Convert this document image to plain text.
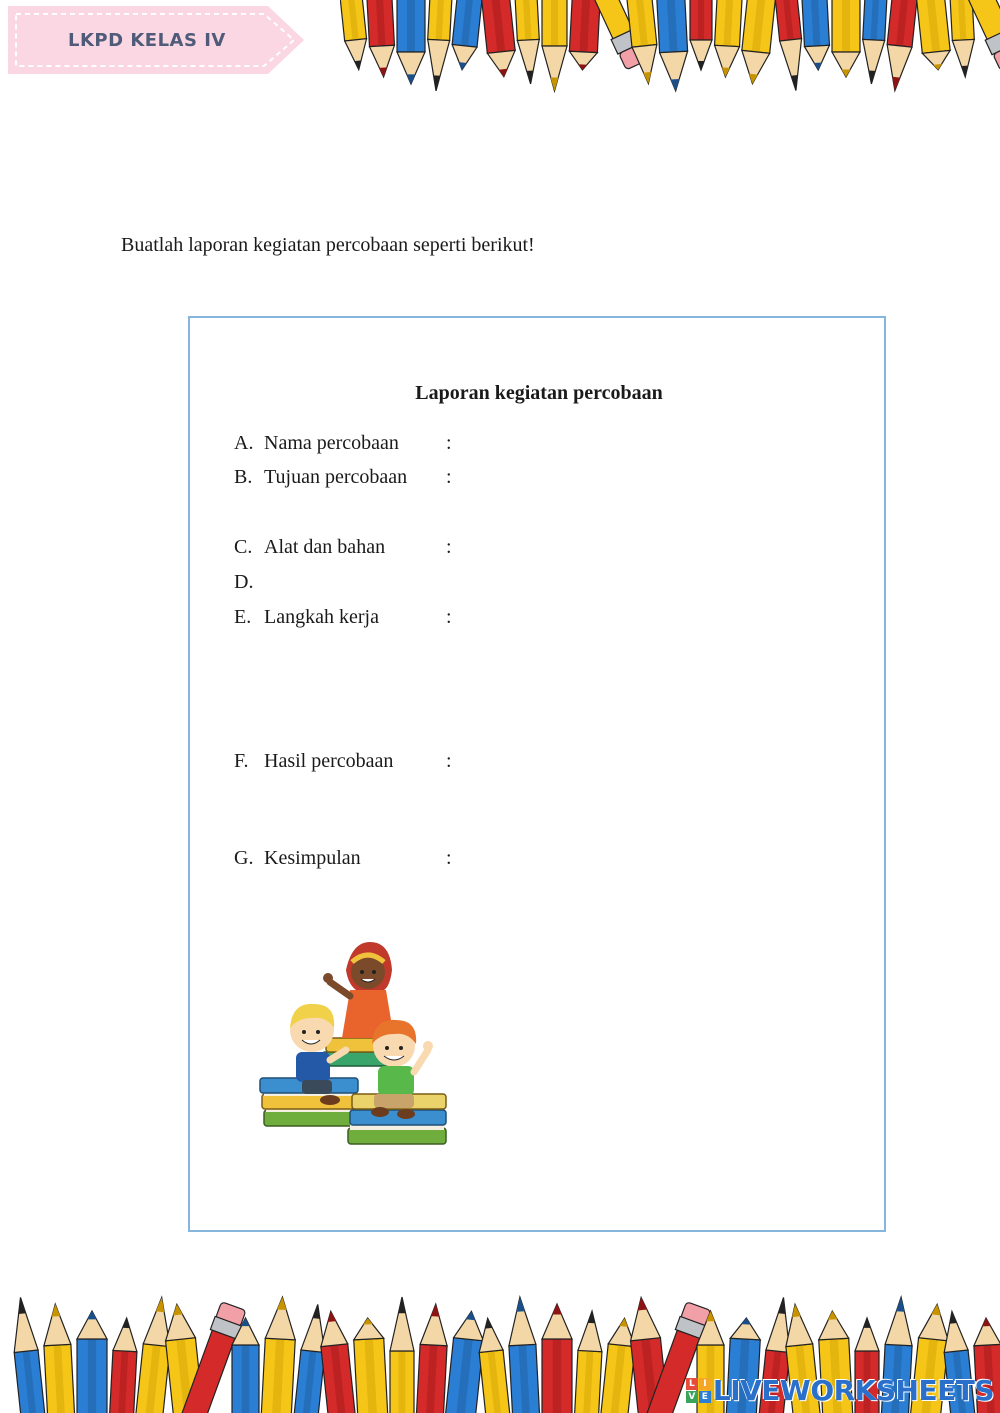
LKPD KELAS IV
Buatlah laporan kegiatan percobaan seperti berikut!
Laporan kegiatan percobaan
A. Nama percobaan :
B. Tujuan percobaan :
C. Alat dan bahan	:
D.
E. Langkah kerja	:
F. Hasil percobaan	:
G. Kesimpulan	:
L I
V E LIVEWORKSHEETS
